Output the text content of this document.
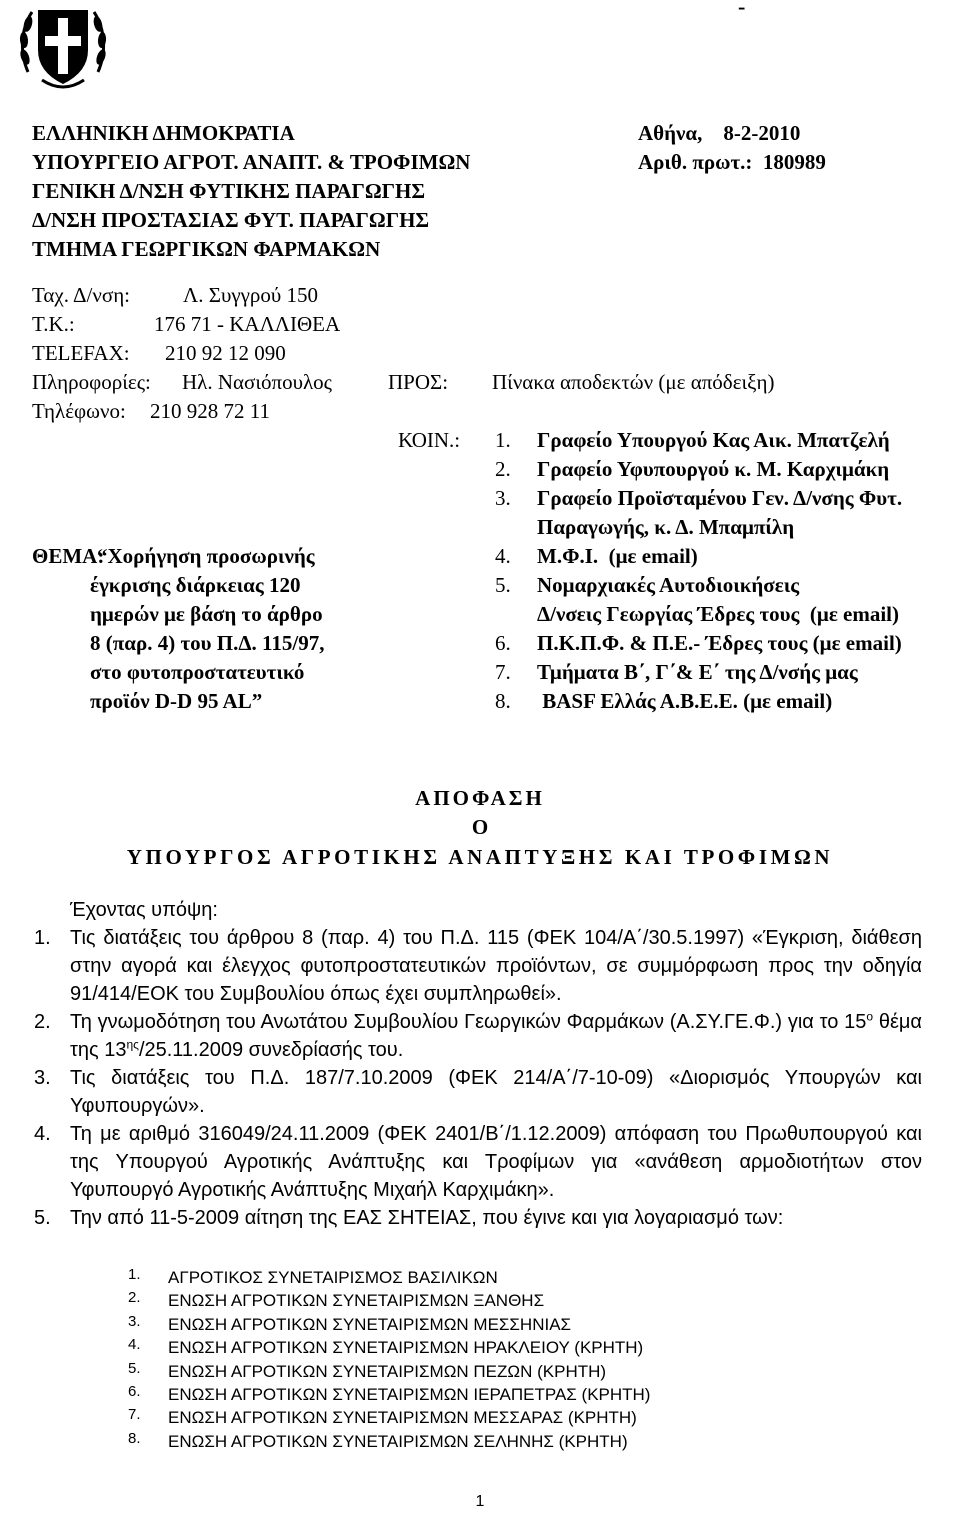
-
ΕΛΛΗΝΙΚΗ ΔΗΜΟΚΡΑΤΙΑ
ΥΠΟΥΡΓΕΙΟ ΑΓΡΟΤ. ΑΝΑΠΤ. & ΤΡΟΦΙΜΩΝ
ΓΕΝΙΚΗ Δ/ΝΣΗ ΦΥΤΙΚΗΣ ΠΑΡΑΓΩΓΗΣ
Δ/ΝΣΗ ΠΡΟΣΤΑΣΙΑΣ ΦΥΤ. ΠΑΡΑΓΩΓΗΣ
ΤΜΗΜΑ ΓΕΩΡΓΙΚΩΝ ΦΑΡΜΑΚΩΝ
Αθήνα,    8-2-2010
Αριθ. πρωτ.:  180989
Ταχ. Δ/νση:	Λ. Συγγρού 150
Τ.Κ.:	176 71 - ΚΑΛΛΙΘΕΑ
TELEFAX: 210 92 12 090
Πληροφορίες: Ηλ. Νασιόπουλος
Τηλέφωνο: 210 928 72 11
ΠΡΟΣ: Πίνακα αποδεκτών (με απόδειξη)
ΚΟΙΝ.: 1. Γραφείο Υπουργού Κας Αικ. Μπατζελή
2. Γραφείο Υφυπουργού κ. Μ. Καρχιμάκη
3. Γραφείο Προϊσταμένου Γεν. Δ/νσης Φυτ.
Παραγωγής, κ. Δ. Μπαμπίλη
4. Μ.Φ.Ι.  (με email)
5. Νομαρχιακές Αυτοδιοικήσεις
Δ/νσεις Γεωργίας Έδρες τους  (με email)
6. Π.Κ.Π.Φ. & Π.Ε.- Έδρες τους (με email)
7. Τμήματα Β΄, Γ΄& Ε΄ της Δ/νσής μας
8. BASF Ελλάς Α.Β.Ε.Ε. (με email)
ΘΕΜΑ:
“Χορήγηση προσωρινής
έγκρισης διάρκειας 120
ημερών με βάση το άρθρο
8 (παρ. 4) του Π.Δ. 115/97,
στο φυτοπροστατευτικό
προϊόν D-D 95 AL”
ΑΠΟΦΑΣΗ
Ο
ΥΠΟΥΡΓΟΣ ΑΓΡΟΤΙΚΗΣ ΑΝΑΠΤΥΞΗΣ ΚΑΙ ΤΡΟΦΙΜΩΝ
Έχοντας υπόψη:
1. Τις διατάξεις του άρθρου 8 (παρ. 4) του Π.Δ. 115 (ΦΕΚ 104/Α΄/30.5.1997) «Έγκριση, διάθεση στην αγορά και έλεγχος φυτοπροστατευτικών προϊόντων, σε συμμόρφωση προς την οδηγία 91/414/ΕΟΚ του Συμβουλίου όπως έχει συμπληρωθεί».
2. Τη γνωμοδότηση του Ανωτάτου Συμβουλίου Γεωργικών Φαρμάκων (Α.ΣΥ.ΓΕ.Φ.) για το $15^o$ θέμα της $13^{\eta\varsigma}/25.11.2009$ συνεδρίασής του.
3. Τις διατάξεις του Π.Δ. 187/7.10.2009 (ΦΕΚ 214/Α΄/7-10-09) «Διορισμός Υπουργών και Υφυπουργών».
4. Τη με αριθμό 316049/24.11.2009 (ΦΕΚ 2401/Β΄/1.12.2009) απόφαση του Πρωθυπουργού και της Υπουργού Αγροτικής Ανάπτυξης και Τροφίμων για «ανάθεση αρμοδιοτήτων στον Υφυπουργό Αγροτικής Ανάπτυξης Μιχαήλ Καρχιμάκη».
5. Την από 11-5-2009 αίτηση της ΕΑΣ ΣΗΤΕΙΑΣ, που έγινε και για λογαριασμό των:
1. ΑΓΡΟΤΙΚΟΣ ΣΥΝΕΤΑΙΡΙΣΜΟΣ ΒΑΣΙΛΙΚΩΝ
2. ΕΝΩΣΗ ΑΓΡΟΤΙΚΩΝ ΣΥΝΕΤΑΙΡΙΣΜΩΝ ΞΑΝΘΗΣ
3. ΕΝΩΣΗ ΑΓΡΟΤΙΚΩΝ ΣΥΝΕΤΑΙΡΙΣΜΩΝ ΜΕΣΣΗΝΙΑΣ
4. ΕΝΩΣΗ ΑΓΡΟΤΙΚΩΝ ΣΥΝΕΤΑΙΡΙΣΜΩΝ ΗΡΑΚΛΕΙΟΥ (ΚΡΗΤΗ)
5. ΕΝΩΣΗ ΑΓΡΟΤΙΚΩΝ ΣΥΝΕΤΑΙΡΙΣΜΩΝ ΠΕΖΩΝ (ΚΡΗΤΗ)
6. ΕΝΩΣΗ ΑΓΡΟΤΙΚΩΝ ΣΥΝΕΤΑΙΡΙΣΜΩΝ ΙΕΡΑΠΕΤΡΑΣ (ΚΡΗΤΗ)
7. ΕΝΩΣΗ ΑΓΡΟΤΙΚΩΝ ΣΥΝΕΤΑΙΡΙΣΜΩΝ ΜΕΣΣΑΡΑΣ (ΚΡΗΤΗ)
8. ΕΝΩΣΗ ΑΓΡΟΤΙΚΩΝ ΣΥΝΕΤΑΙΡΙΣΜΩΝ ΣΕΛΗΝΗΣ (ΚΡΗΤΗ)
1
